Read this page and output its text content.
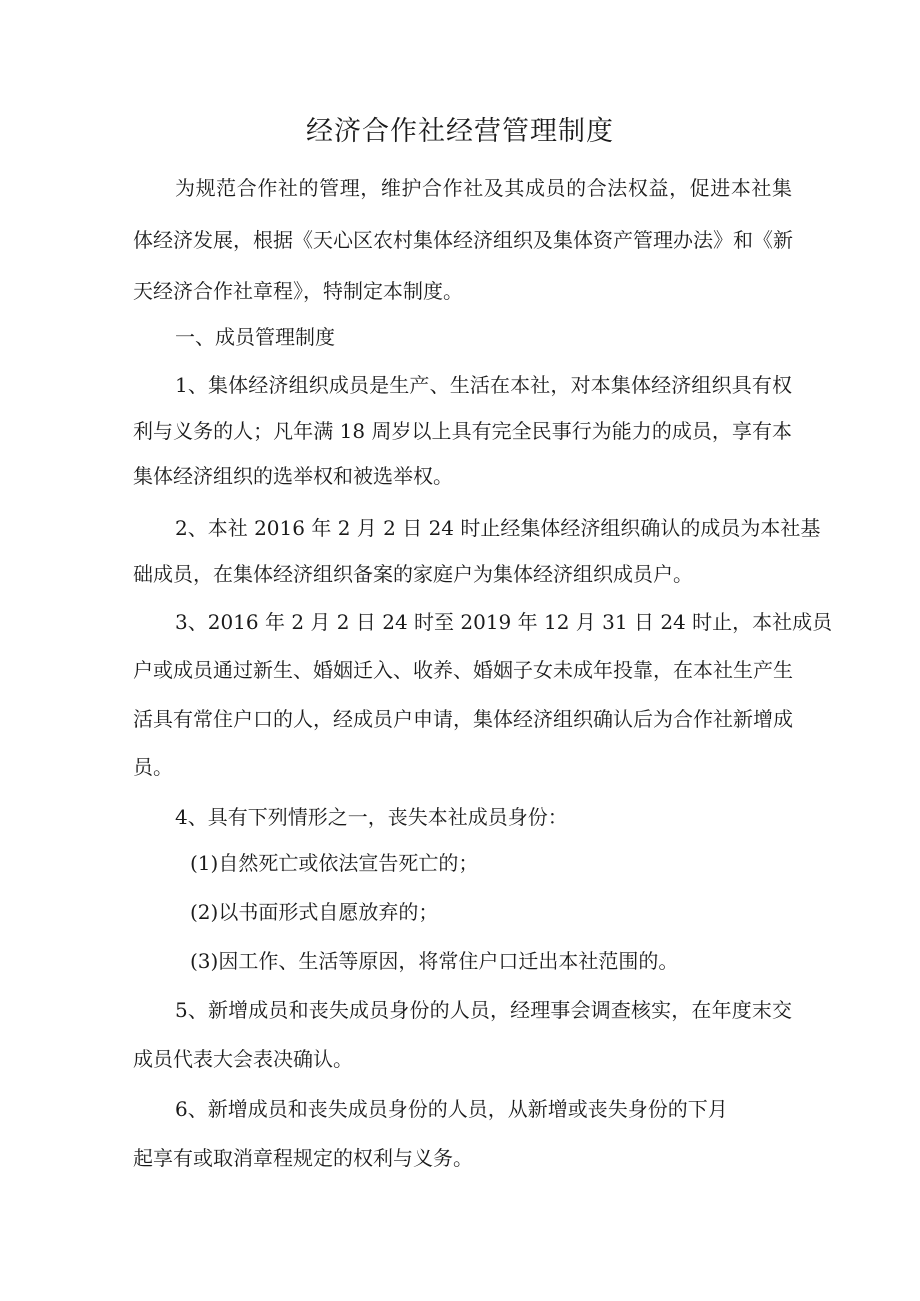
经济合作社经营管理制度
为规范合作社的管理，维护合作社及其成员的合法权益，促进本社集
体经济发展，根据《天心区农村集体经济组织及集体资产管理办法》和《新
天经济合作社章程》，特制定本制度。
一、成员管理制度
1、集体经济组织成员是生产、生活在本社，对本集体经济组织具有权
利与义务的人；凡年满 18 周岁以上具有完全民事行为能力的成员，享有本
集体经济组织的选举权和被选举权。
2、本社 2016 年 2 月 2 日 24 时止经集体经济组织确认的成员为本社基
础成员，在集体经济组织备案的家庭户为集体经济组织成员户。
3、2016 年 2 月 2 日 24 时至 2019 年 12 月 31 日 24 时止，本社成员
户或成员通过新生、婚姻迁入、收养、婚姻子女未成年投靠，在本社生产生
活具有常住户口的人，经成员户申请，集体经济组织确认后为合作社新增成
员。
4、具有下列情形之一，丧失本社成员身份：
(1)自然死亡或依法宣告死亡的；
(2)以书面形式自愿放弃的；
(3)因工作、生活等原因，将常住户口迁出本社范围的。
5、新增成员和丧失成员身份的人员，经理事会调查核实，在年度末交
成员代表大会表决确认。
6、新增成员和丧失成员身份的人员，从新增或丧失身份的下月
起享有或取消章程规定的权利与义务。
